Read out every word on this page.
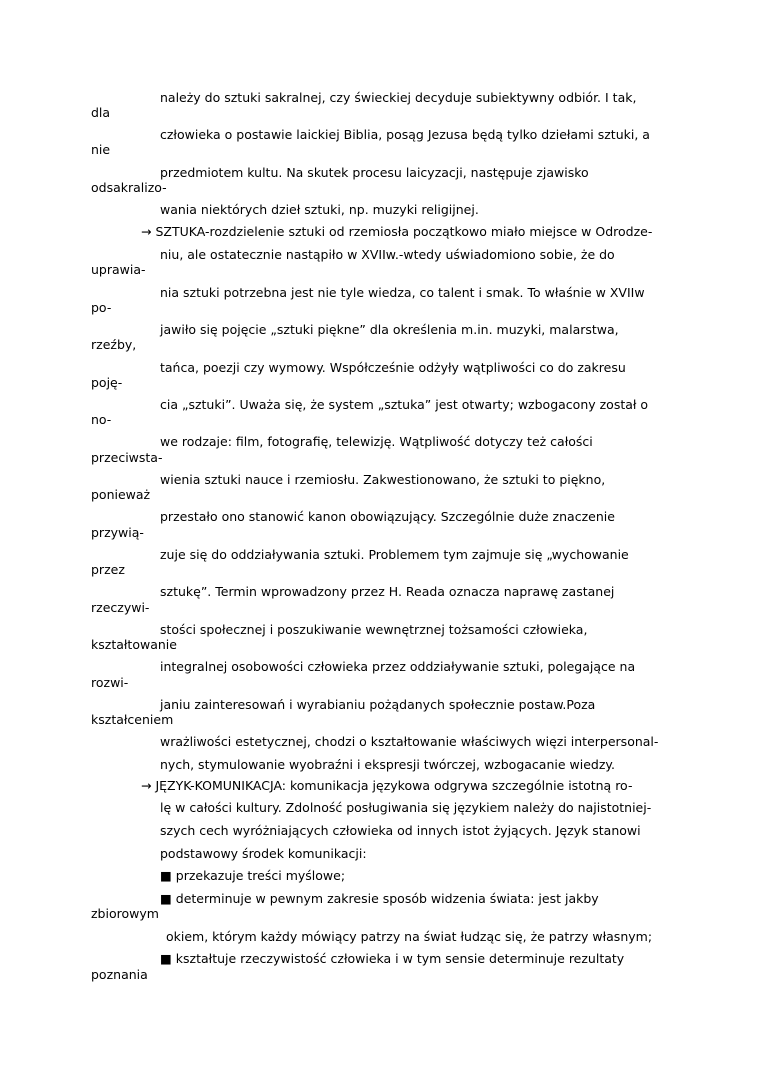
należy do sztuki sakralnej, czy świeckiej decyduje subiektywny odbiór. I tak,
dla
człowieka o postawie laickiej Biblia, posąg Jezusa będą tylko dziełami sztuki, a
nie
przedmiotem kultu. Na skutek procesu laicyzacji, następuje zjawisko
odsakralizo-
wania niektórych dzieł sztuki, np. muzyki religijnej.
→ SZTUKA-rozdzielenie sztuki od rzemiosła początkowo miało miejsce w Odrodze-
niu, ale ostatecznie nastąpiło w XVIIw.-wtedy uświadomiono sobie, że do
uprawia-
nia sztuki potrzebna jest nie tyle wiedza, co talent i smak. To właśnie w XVIIw
po-
jawiło się pojęcie „sztuki piękne” dla określenia m.in. muzyki, malarstwa,
rzeźby,
tańca, poezji czy wymowy. Współcześnie odżyły wątpliwości co do zakresu
poję-
cia „sztuki”. Uważa się, że system „sztuka” jest otwarty; wzbogacony został o
no-
we rodzaje: film, fotografię, telewizję. Wątpliwość dotyczy też całości
przeciwsta-
wienia sztuki nauce i rzemiosłu. Zakwestionowano, że sztuki to piękno,
ponieważ
przestało ono stanowić kanon obowiązujący. Szczególnie duże znaczenie
przywią-
zuje się do oddziaływania sztuki. Problemem tym zajmuje się „wychowanie
przez
sztukę”. Termin wprowadzony przez H. Reada oznacza naprawę zastanej
rzeczywi-
stości społecznej i poszukiwanie wewnętrznej tożsamości człowieka,
kształtowanie
integralnej osobowości człowieka przez oddziaływanie sztuki, polegające na
rozwi-
janiu zainteresowań i wyrabianiu pożądanych społecznie postaw.Poza
kształceniem
wrażliwości estetycznej, chodzi o kształtowanie właściwych więzi interpersonal-
nych, stymulowanie wyobraźni i ekspresji twórczej, wzbogacanie wiedzy.
→ JĘZYK-KOMUNIKACJA: komunikacja językowa odgrywa szczególnie istotną ro-
lę w całości kultury. Zdolność posługiwania się językiem należy do najistotniej-
szych cech wyróżniających człowieka od innych istot żyjących. Język stanowi
podstawowy środek komunikacji:
■ przekazuje treści myślowe;
■ determinuje w pewnym zakresie sposób widzenia świata: jest jakby
zbiorowym
okiem, którym każdy mówiący patrzy na świat łudząc się, że patrzy własnym;
■ kształtuje rzeczywistość człowieka i w tym sensie determinuje rezultaty
poznania
